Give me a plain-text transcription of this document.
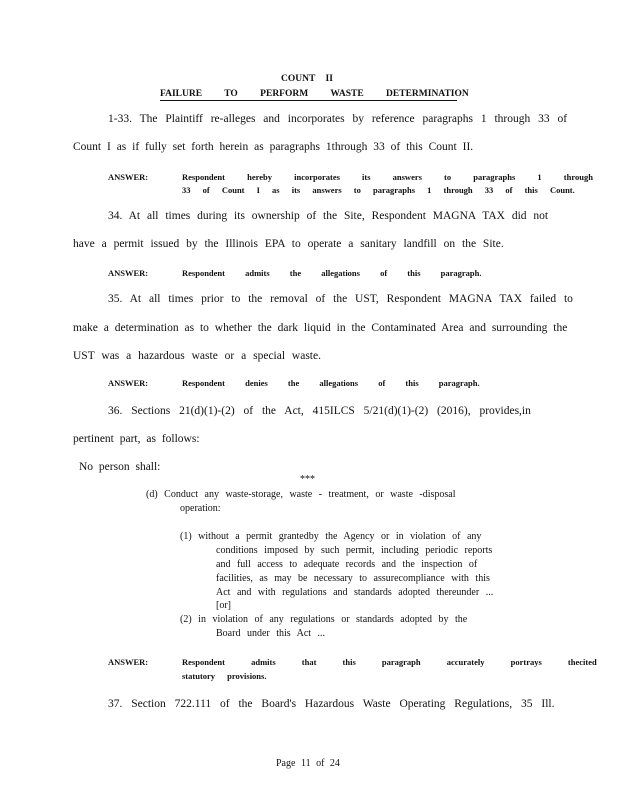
COUNT II
FAILURE TO PERFORM WASTE DETERMINATION
1-33. The Plaintiff re-alleges and incorporates by reference paragraphs 1 through 33 of
Count I as if fully set forth herein as paragraphs 1through 33 of this Count II.
ANSWER:	Respondent hereby incorporates its answers to paragraphs 1 through
33 of Count I as its answers to paragraphs 1 through 33 of this Count.
34. At all times during its ownership of the Site, Respondent MAGNA TAX did not
have a permit issued by the Illinois EPA to operate a sanitary landfill on the Site.
ANSWER:	Respondent admits the allegations of this paragraph.
35. At all times prior to the removal of the UST, Respondent MAGNA TAX failed to
make a determination as to whether the dark liquid in the Contaminated Area and surrounding the
UST was a hazardous waste or a special waste.
ANSWER:	Respondent denies the allegations of this paragraph.
36. Sections 21(d)(1)-(2) of the Act, 415ILCS 5/21(d)(1)-(2) (2016), provides,in
pertinent part, as follows:
No person shall:
***
(d) Conduct any waste-storage, waste - treatment, or waste -disposal
operation:
(1) without a permit grantedby the Agency or in violation of any
conditions imposed by such permit, including periodic reports
and full access to adequate records and the inspection of
facilities, as may be necessary to assurecompliance with this
Act and with regulations and standards adopted thereunder ...
[or]
(2) in violation of any regulations or standards adopted by the
Board under this Act ...
ANSWER:	Respondent admits that this paragraph accurately portrays thecited
statutory provisions.
37. Section 722.111 of the Board's Hazardous Waste Operating Regulations, 35 Ill.
Page 11 of 24
